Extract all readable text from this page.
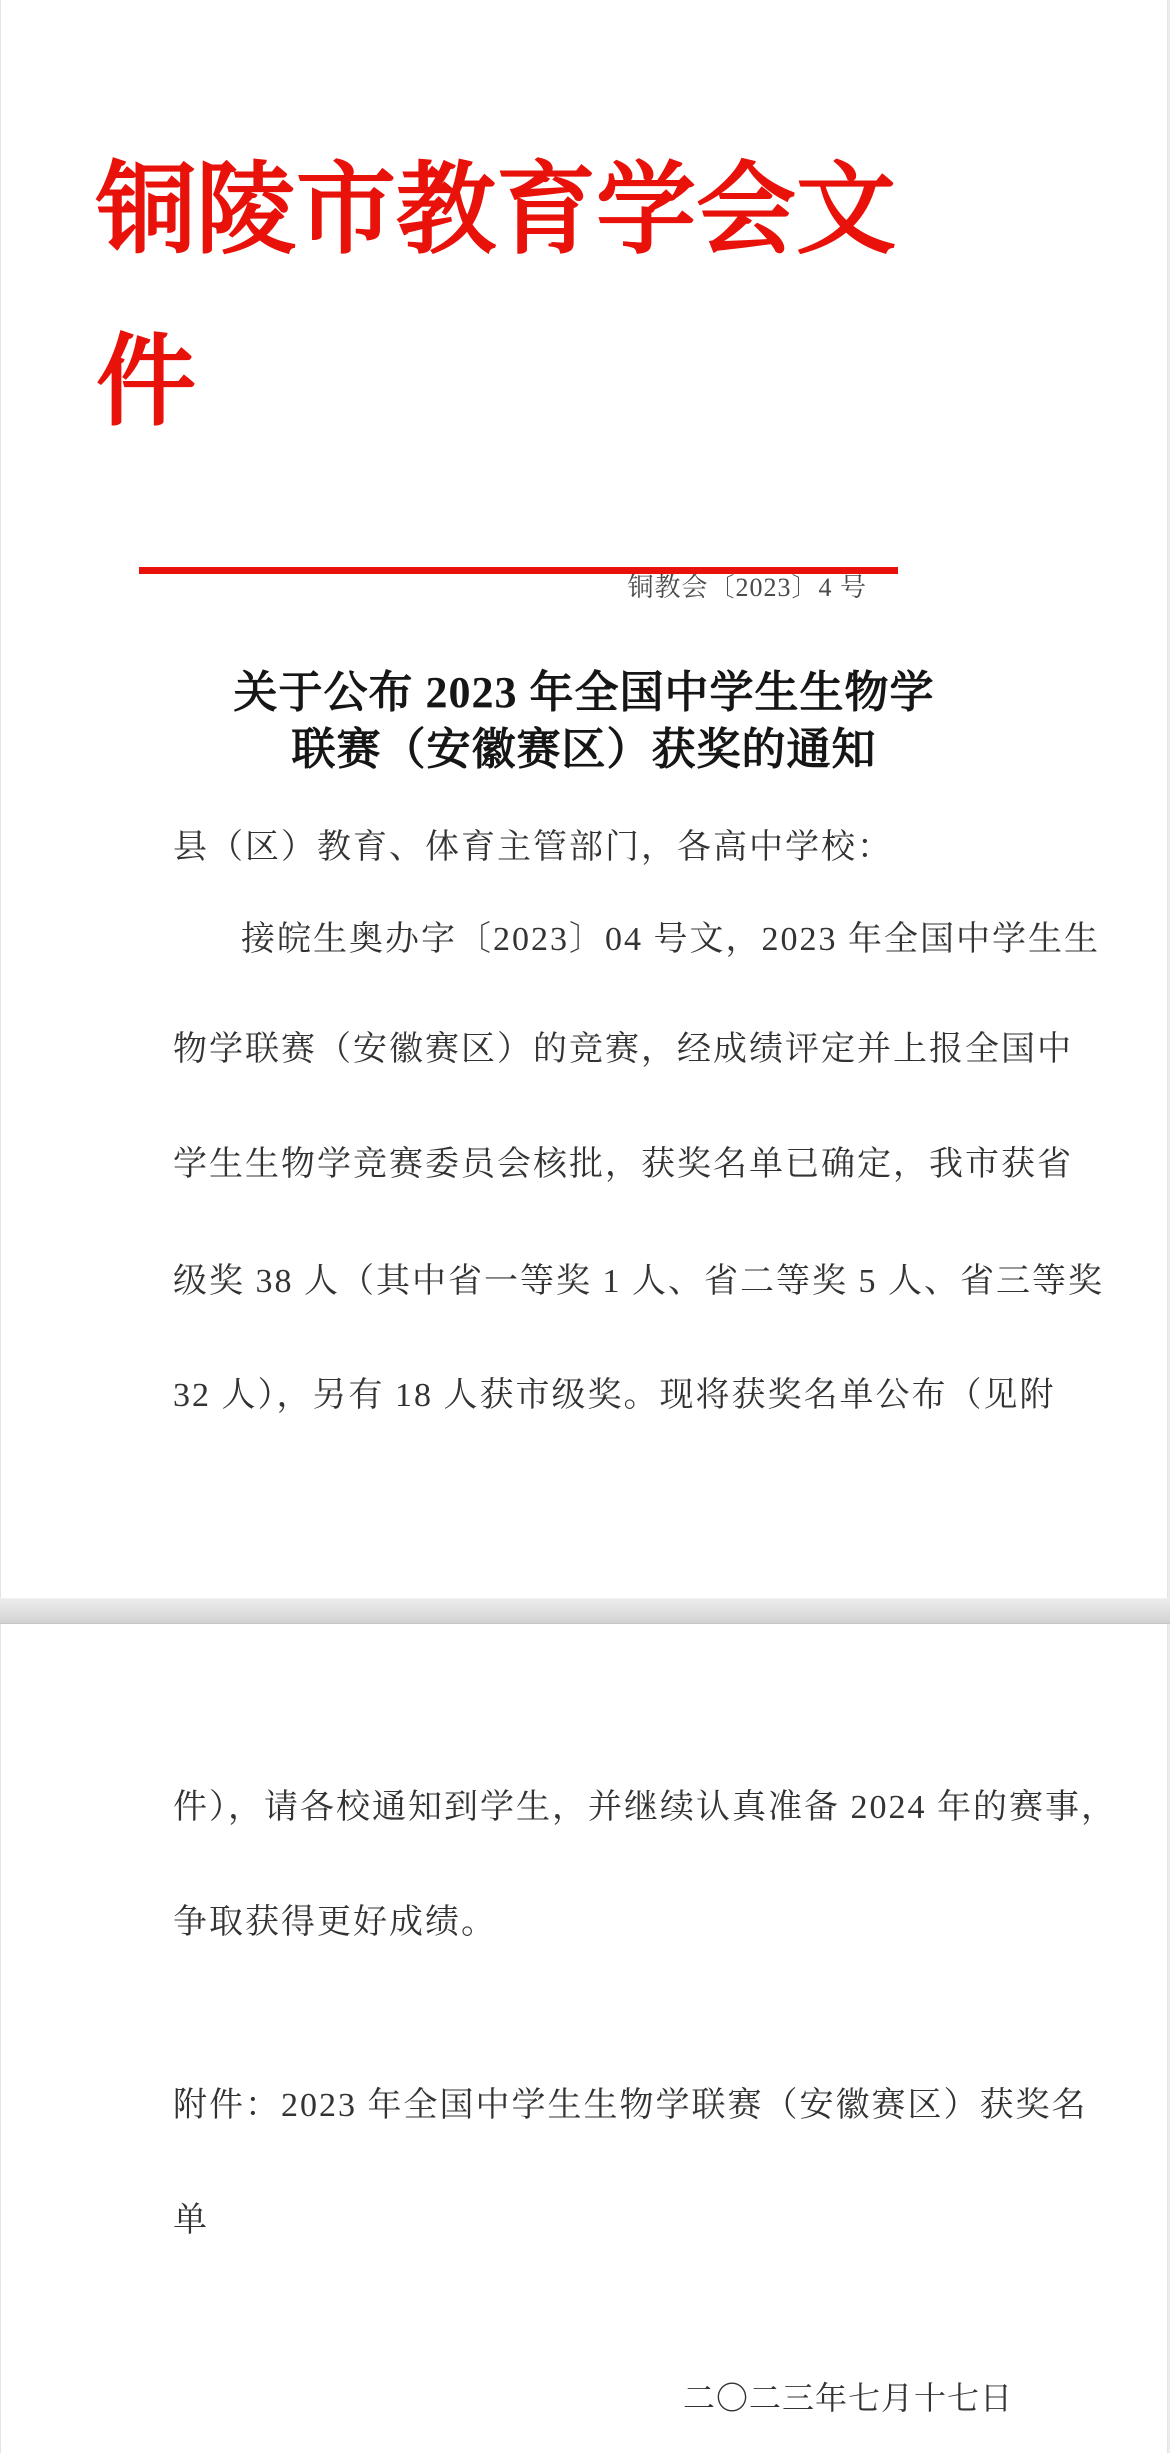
铜陵市教育学会文
件
铜教会〔2023〕4 号
关于公布 2023 年全国中学生生物学
联赛（安徽赛区）获奖的通知
县（区）教育、体育主管部门，各高中学校：
接皖生奥办字〔2023〕04 号文，2023 年全国中学生生
物学联赛（安徽赛区）的竞赛，经成绩评定并上报全国中
学生生物学竞赛委员会核批，获奖名单已确定，我市获省
级奖 38 人（其中省一等奖 1 人、省二等奖 5 人、省三等奖
32 人），另有 18 人获市级奖。现将获奖名单公布（见附
件），请各校通知到学生，并继续认真准备 2024 年的赛事，
争取获得更好成绩。
附件：2023 年全国中学生生物学联赛（安徽赛区）获奖名
单
二〇二三年七月十七日
